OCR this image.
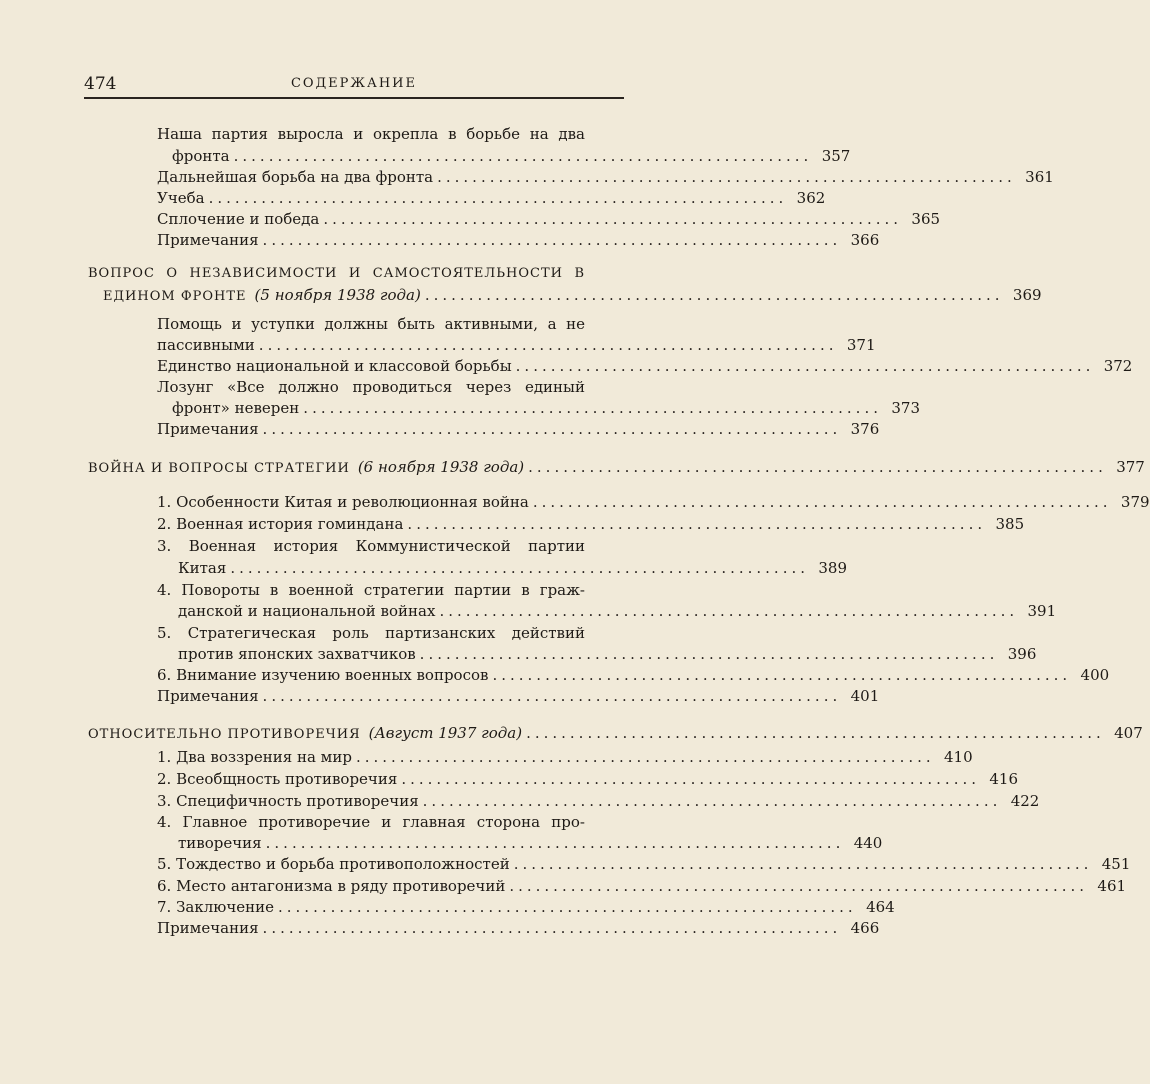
474	СОДЕРЖАНИЕ
Наша партия выросла и окрепла в борьбе на два
фронта .................................................................. 357
Дальнейшая борьба на два фронта .................................................................. 361
Учеба .................................................................. 362
Сплочение и победа .................................................................. 365
Примечания .................................................................. 366
ВОПРОС О НЕЗАВИСИМОСТИ И САМОСТОЯТЕЛЬНОСТИ В
ЕДИНОМ ФРОНТЕ (5 ноября 1938 года) .................................................................. 369
Помощь и уступки должны быть активными, а не
пассивными .................................................................. 371
Единство национальной и классовой борьбы .................................................................. 372
Лозунг «Все должно проводиться через единый
фронт» неверен .................................................................. 373
Примечания .................................................................. 376
ВОЙНА И ВОПРОСЫ СТРАТЕГИИ (6 ноября 1938 года) .................................................................. 377
1. Особенности Китая и революционная война .................................................................. 379
2. Военная история гоминдана .................................................................. 385
3. Военная история Коммунистической партии
Китая .................................................................. 389
4. Повороты в военной стратегии партии в граж-
данской и национальной войнах .................................................................. 391
5. Стратегическая роль партизанских действий
против японских захватчиков .................................................................. 396
6. Внимание изучению военных вопросов .................................................................. 400
Примечания .................................................................. 401
ОТНОСИТЕЛЬНО ПРОТИВОРЕЧИЯ (Август 1937 года) .................................................................. 407
1. Два воззрения на мир .................................................................. 410
2. Всеобщность противоречия .................................................................. 416
3. Специфичность противоречия .................................................................. 422
4. Главное противоречие и главная сторона про-
тиворечия .................................................................. 440
5. Тождество и борьба противоположностей .................................................................. 451
6. Место антагонизма в ряду противоречий .................................................................. 461
7. Заключение .................................................................. 464
Примечания .................................................................. 466
